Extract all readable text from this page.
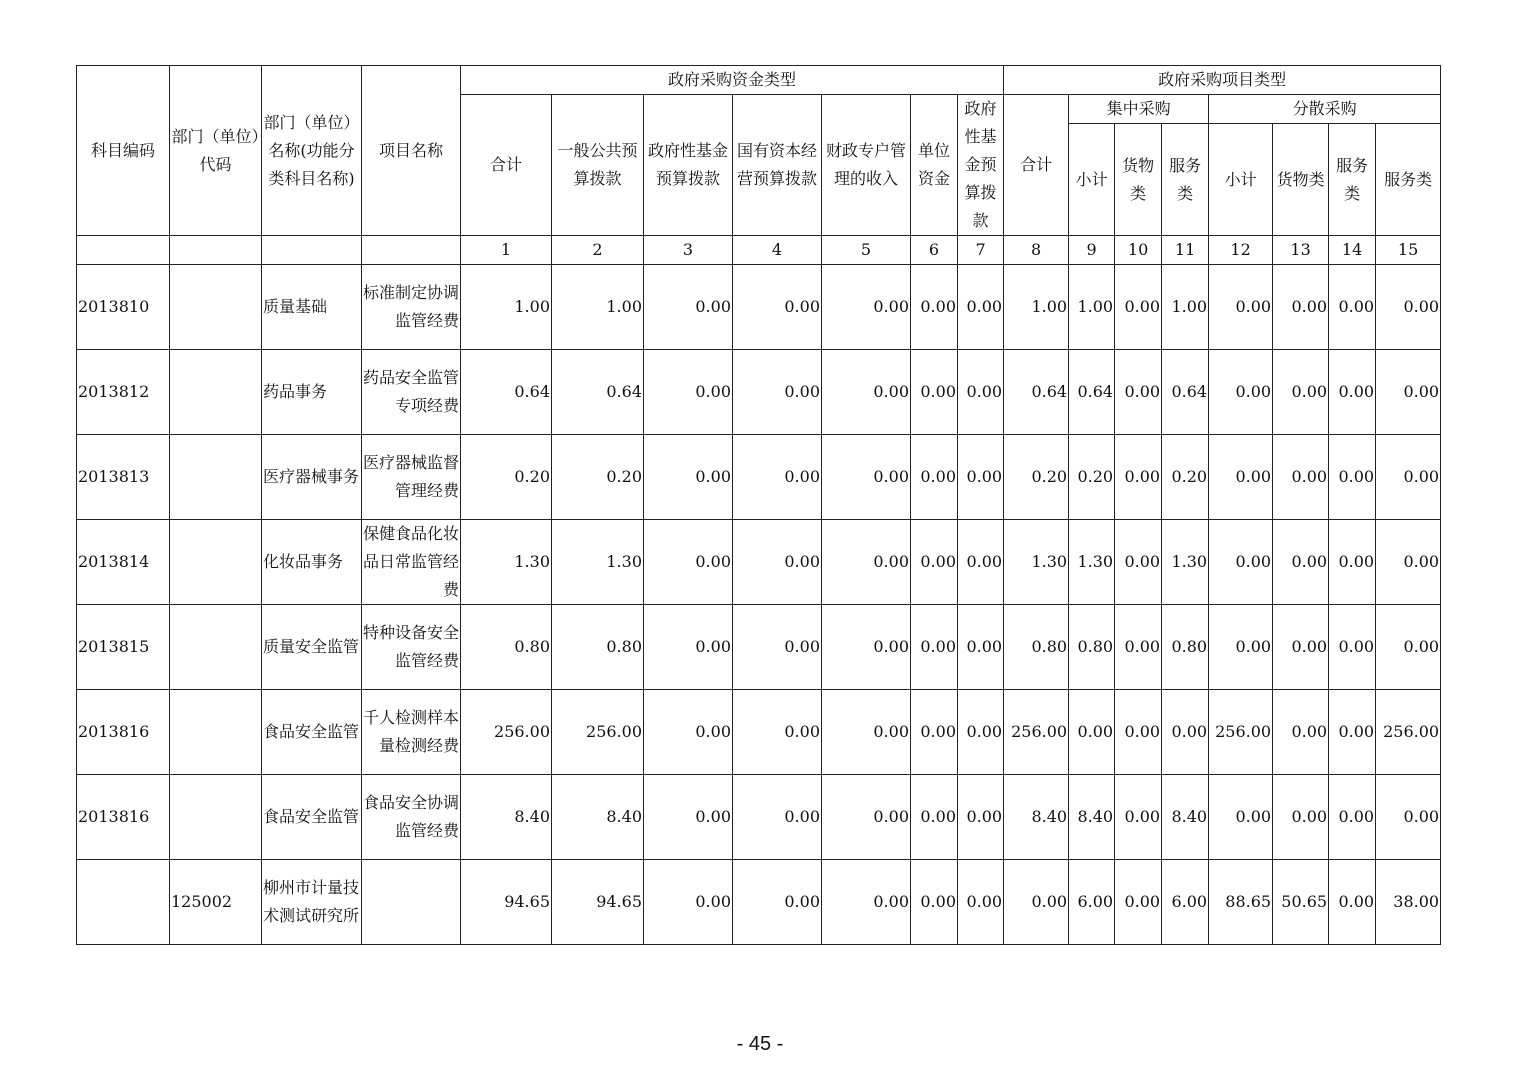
科目编码	部门（单位）代码	部门（单位）名称(功能分类科目名称)	项目名称	政府采购资金类型							政府采购项目类型							
				合计	一般公共预算拨款	政府性基金预算拨款	国有资本经营预算拨款	财政专户管理的收入	单位资金	政府性基金预算拨款	合计	集中采购			分散采购			
												小计	货物类	服务类	小计	货物类	服务类	服务类
				1	2	3	4	5	6	7	8	9	10	11	12	13	14	15
2013810		质量基础	标准制定协调监管经费	1.00	1.00	0.00	0.00	0.00	0.00	0.00	1.00	1.00	0.00	1.00	0.00	0.00	0.00	0.00
2013812		药品事务	药品安全监管专项经费	0.64	0.64	0.00	0.00	0.00	0.00	0.00	0.64	0.64	0.00	0.64	0.00	0.00	0.00	0.00
2013813		医疗器械事务	医疗器械监督管理经费	0.20	0.20	0.00	0.00	0.00	0.00	0.00	0.20	0.20	0.00	0.20	0.00	0.00	0.00	0.00
2013814		化妆品事务	保健食品化妆品日常监管经费	1.30	1.30	0.00	0.00	0.00	0.00	0.00	1.30	1.30	0.00	1.30	0.00	0.00	0.00	0.00
2013815		质量安全监管	特种设备安全监管经费	0.80	0.80	0.00	0.00	0.00	0.00	0.00	0.80	0.80	0.00	0.80	0.00	0.00	0.00	0.00
2013816		食品安全监管	千人检测样本量检测经费	256.00	256.00	0.00	0.00	0.00	0.00	0.00	256.00	0.00	0.00	0.00	256.00	0.00	0.00	256.00
2013816		食品安全监管	食品安全协调监管经费	8.40	8.40	0.00	0.00	0.00	0.00	0.00	8.40	8.40	0.00	8.40	0.00	0.00	0.00	0.00
	125002	柳州市计量技术测试研究所		94.65	94.65	0.00	0.00	0.00	0.00	0.00	0.00	6.00	0.00	6.00	88.65	50.65	0.00	38.00
- 45 -
